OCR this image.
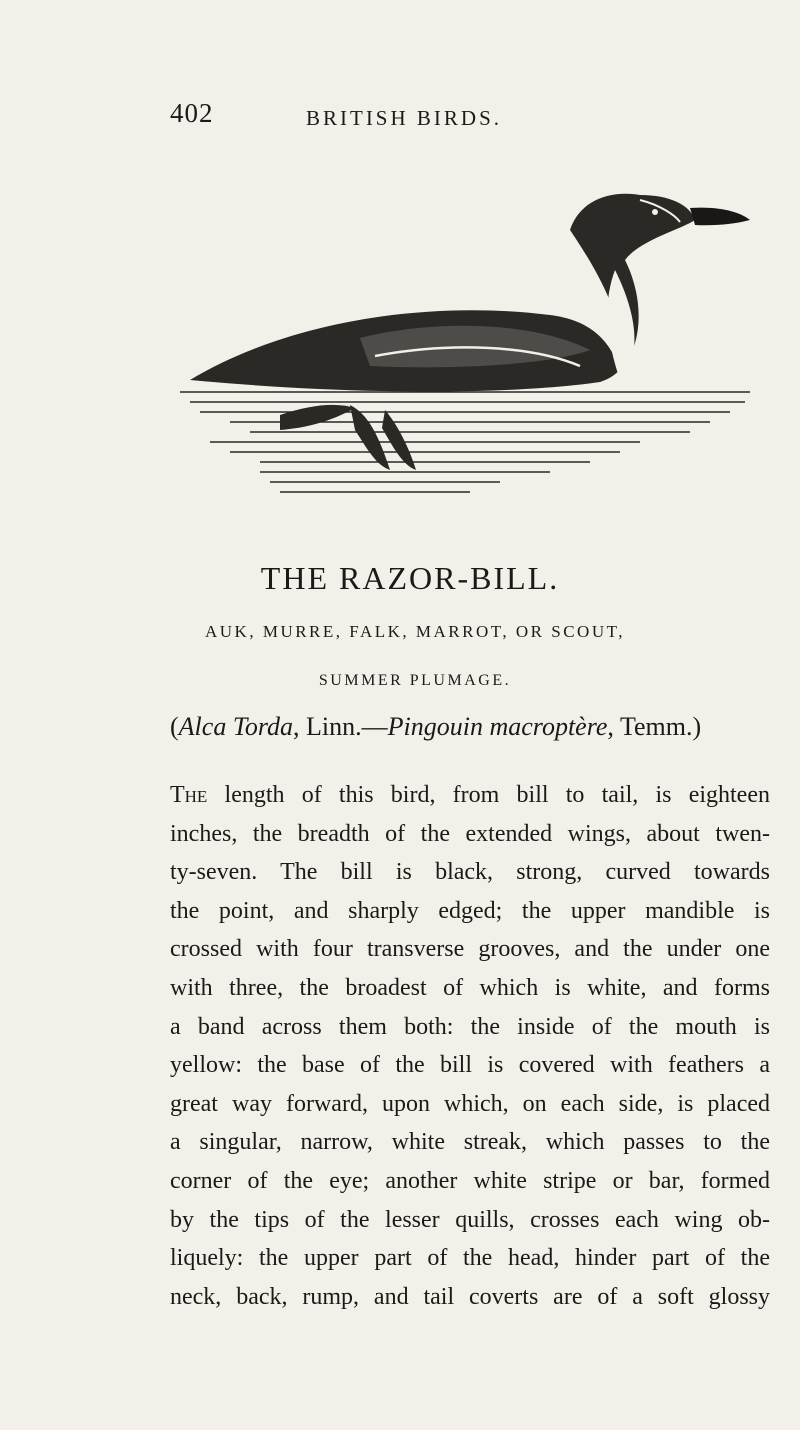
402	BRITISH BIRDS.
THE RAZOR-BILL.
AUK, MURRE, FALK, MARROT, OR SCOUT,
SUMMER PLUMAGE.
(Alca Torda, Linn.—Pingouin macroptère, Temm.)
The length of this bird, from bill to tail, is eighteen
inches, the breadth of the extended wings, about twen-
ty-seven. The bill is black, strong, curved towards
the point, and sharply edged; the upper mandible is
crossed with four transverse grooves, and the under one
with three, the broadest of which is white, and forms
a band across them both: the inside of the mouth is
yellow: the base of the bill is covered with feathers a
great way forward, upon which, on each side, is placed
a singular, narrow, white streak, which passes to the
corner of the eye; another white stripe or bar, formed
by the tips of the lesser quills, crosses each wing ob-
liquely: the upper part of the head, hinder part of the
neck, back, rump, and tail coverts are of a soft glossy
